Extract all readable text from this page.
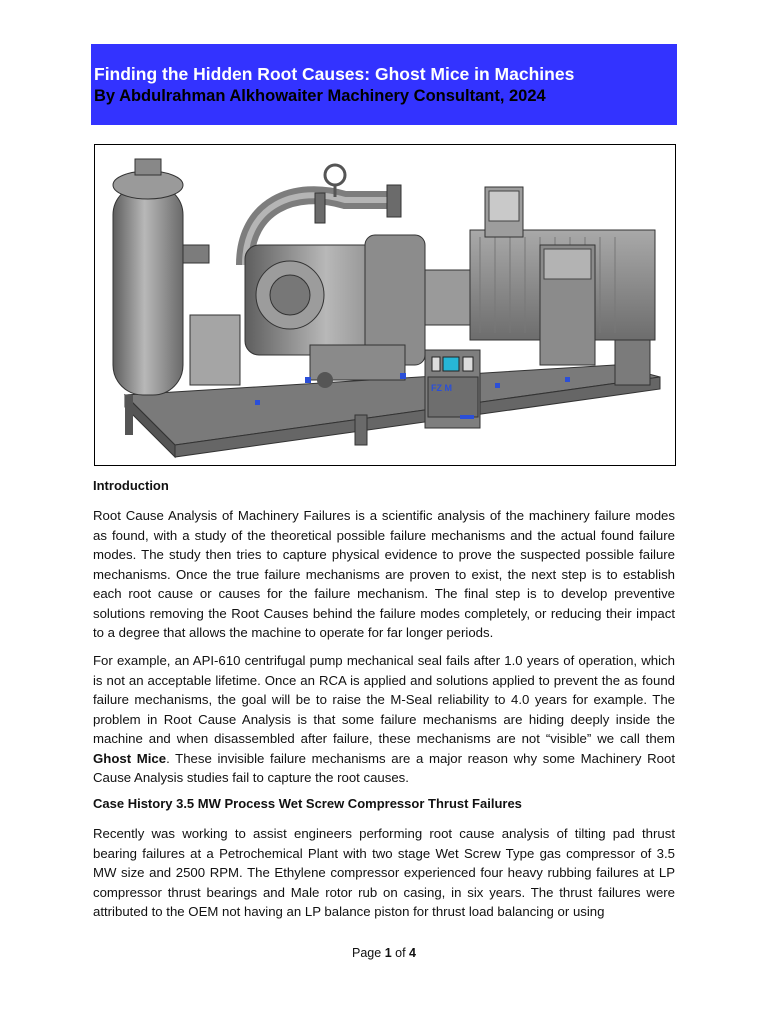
Finding the Hidden Root Causes: Ghost Mice in Machines
By Abdulrahman Alkhowaiter Machinery Consultant, 2024
FZ M
Introduction
Root Cause Analysis of Machinery Failures is a scientific analysis of the machinery failure modes as found, with a study of the theoretical possible failure mechanisms and the actual found failure modes. The study then tries to capture physical evidence to prove the suspected possible failure mechanisms. Once the true failure mechanisms are proven to exist, the next step is to establish each root cause or causes for the failure mechanism. The final step is to develop preventive solutions removing the Root Causes behind the failure modes completely, or reducing their impact to a degree that allows the machine to operate for far longer periods.
For example, an API-610 centrifugal pump mechanical seal fails after 1.0 years of operation, which is not an acceptable lifetime. Once an RCA is applied and solutions applied to prevent the as found failure mechanisms, the goal will be to raise the M-Seal reliability to 4.0 years for example. The problem in Root Cause Analysis is that some failure mechanisms are hiding deeply inside the machine and when disassembled after failure, these mechanisms are not “visible” we call them Ghost Mice. These invisible failure mechanisms are a major reason why some Machinery Root Cause Analysis studies fail to capture the root causes.
Case History 3.5 MW Process Wet Screw Compressor Thrust Failures
Recently was working to assist engineers performing root cause analysis of tilting pad thrust bearing failures at a Petrochemical Plant with two stage Wet Screw Type gas compressor of 3.5 MW size and 2500 RPM. The Ethylene compressor experienced four heavy rubbing failures at LP compressor thrust bearings and Male rotor rub on casing, in six years. The thrust failures were attributed to the OEM not having an LP balance piston for thrust load balancing or using
Page 1 of 4
